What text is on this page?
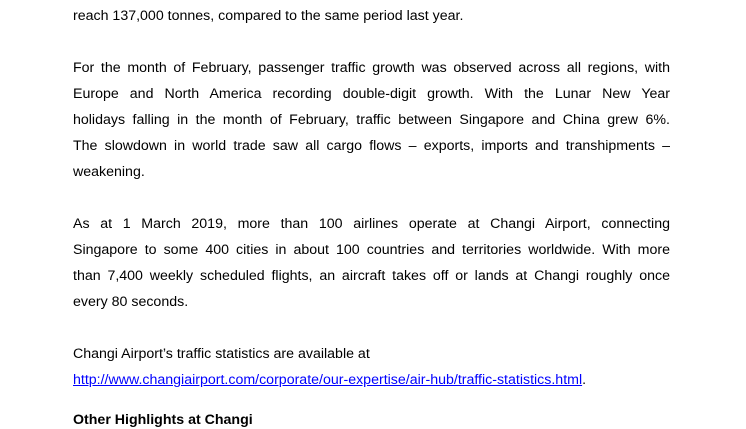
reach 137,000 tonnes, compared to the same period last year.
For the month of February, passenger traffic growth was observed across all regions, with
Europe and North America recording double-digit growth. With the Lunar New Year
holidays falling in the month of February, traffic between Singapore and China grew 6%.
The slowdown in world trade saw all cargo flows – exports, imports and transhipments –
weakening.
As at 1 March 2019, more than 100 airlines operate at Changi Airport, connecting
Singapore to some 400 cities in about 100 countries and territories worldwide. With more
than 7,400 weekly scheduled flights, an aircraft takes off or lands at Changi roughly once
every 80 seconds.
Changi Airport’s traffic statistics are available at
http://www.changiairport.com/corporate/our-expertise/air-hub/traffic-statistics.html.
Other Highlights at Changi
